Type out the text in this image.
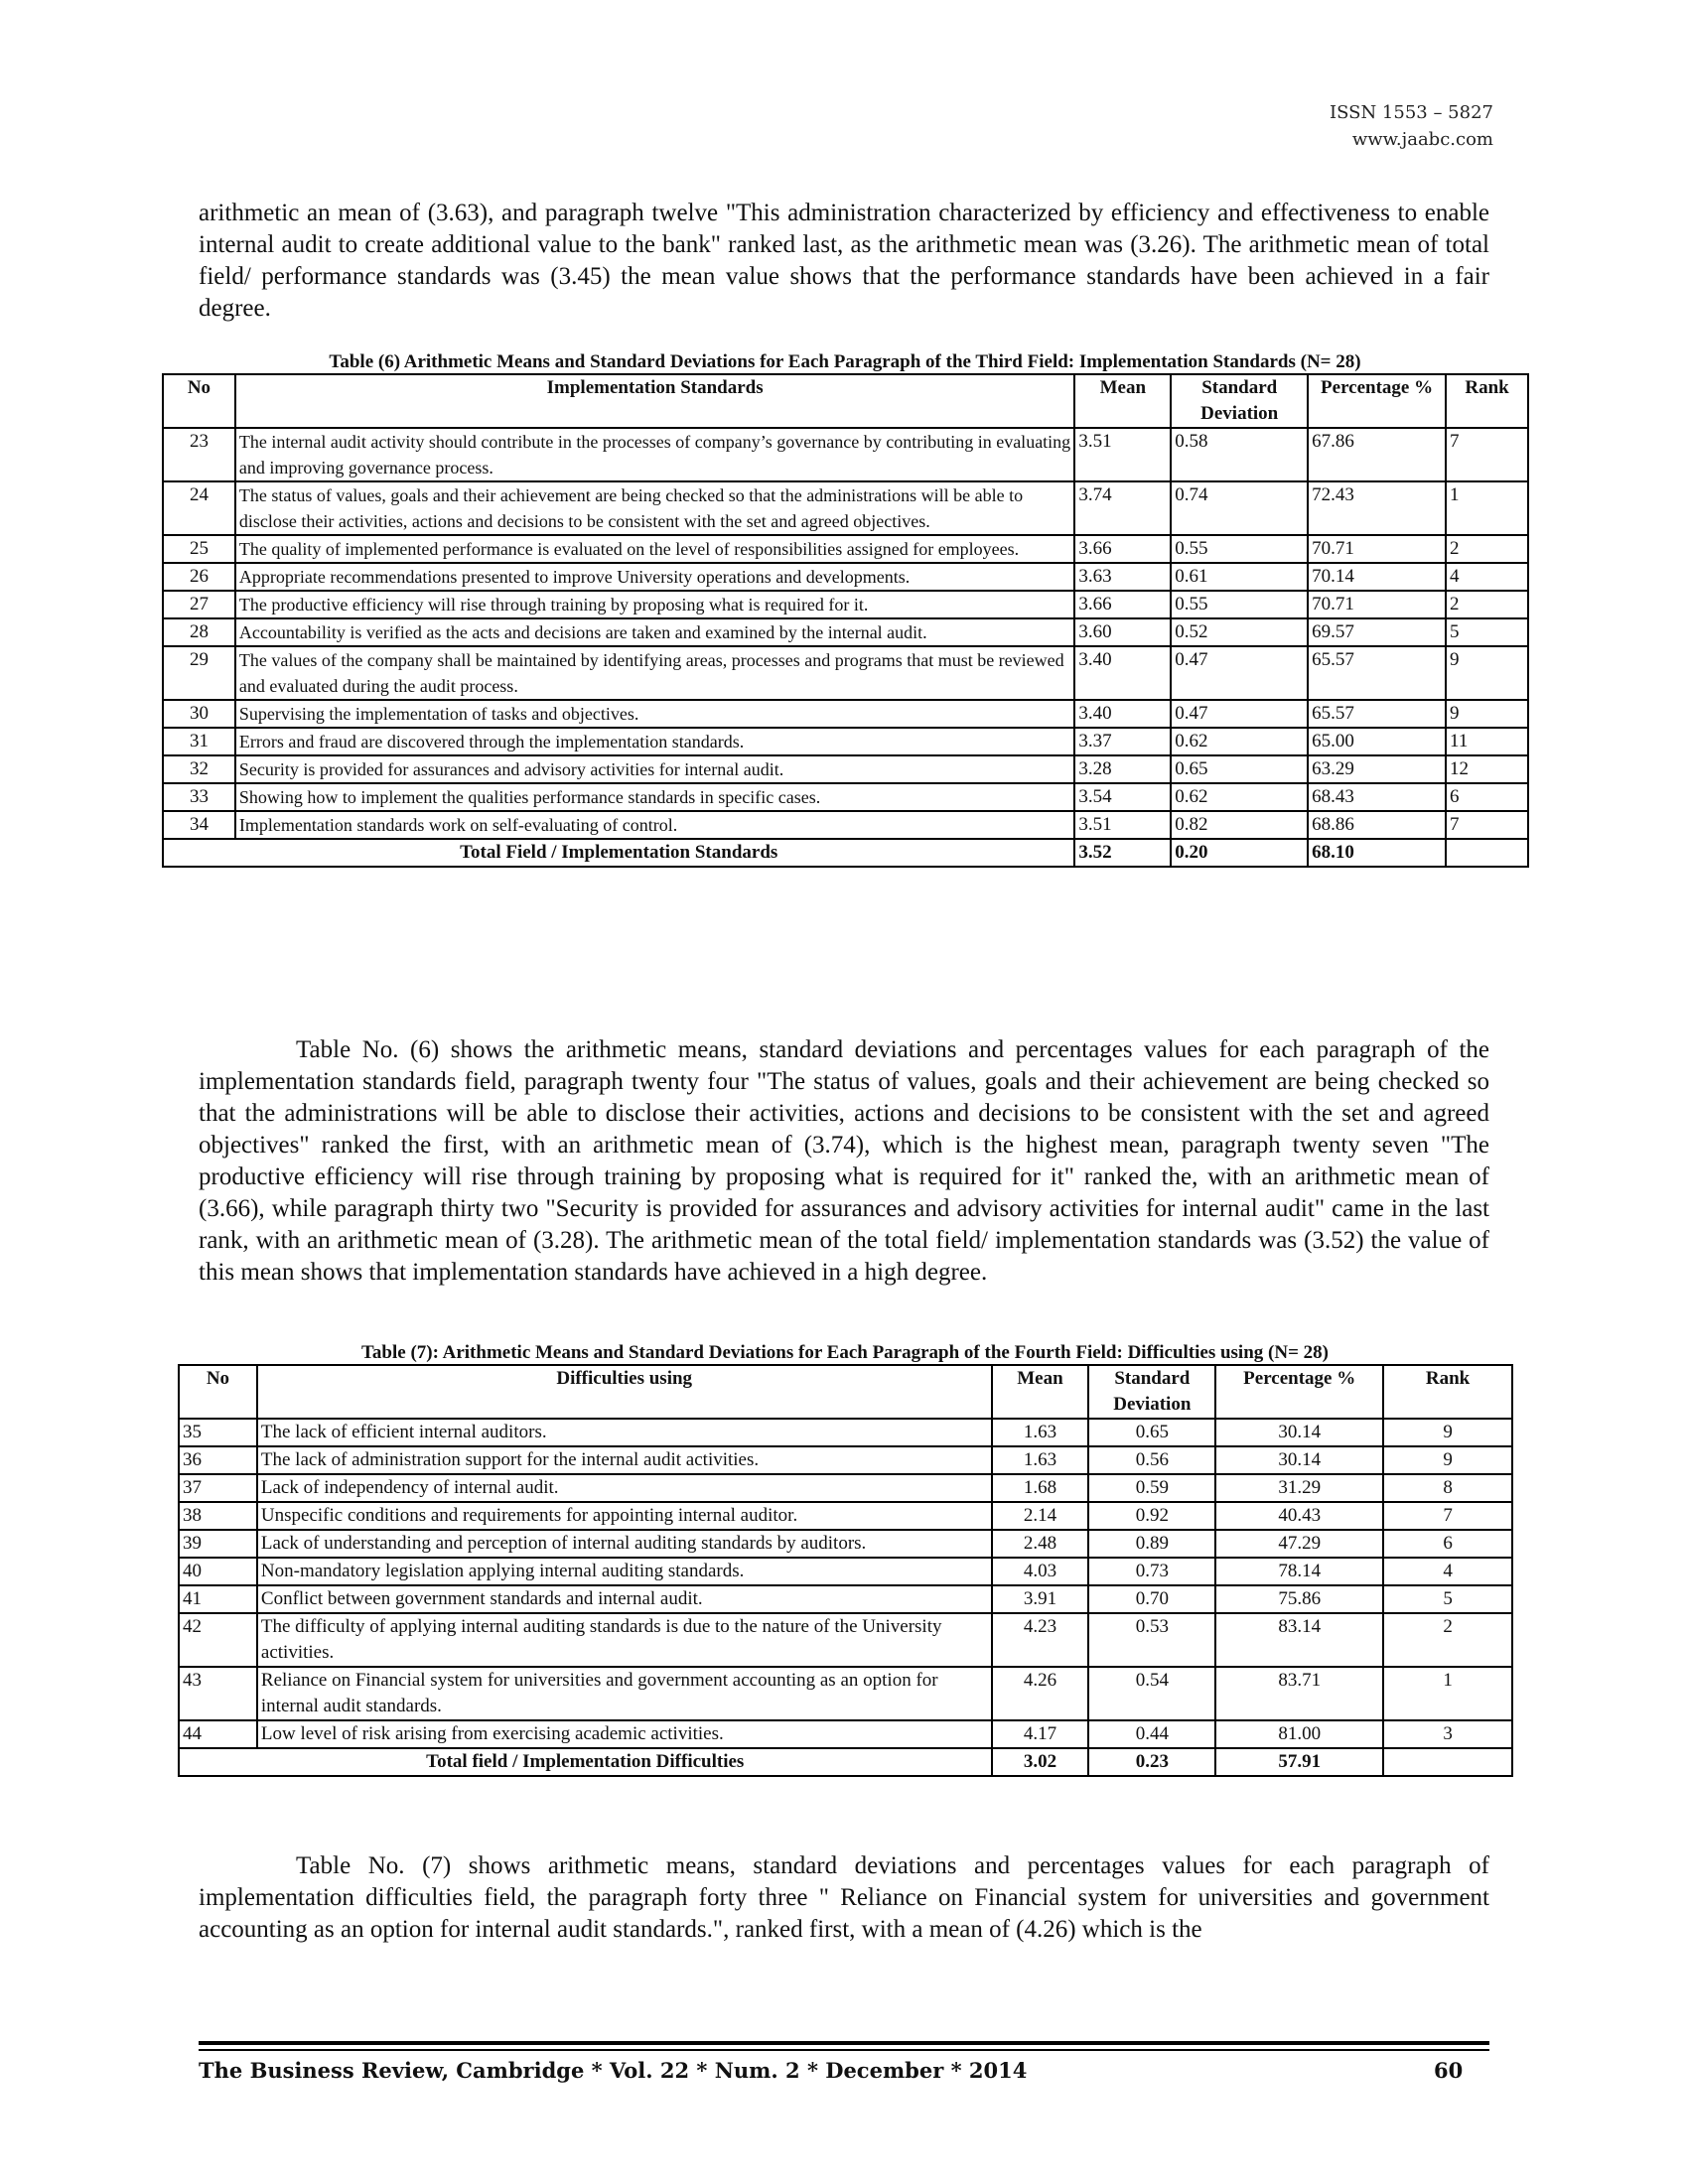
ISSN 1553 – 5827
www.jaabc.com

arithmetic an mean of (3.63), and paragraph twelve "This administration characterized by efficiency and effectiveness to enable internal audit to create additional value to the bank" ranked last, as the arithmetic mean was (3.26). The arithmetic mean of total field/ performance standards was (3.45) the mean value shows that the performance standards have been achieved in a fair degree.

Table (6) Arithmetic Means and Standard Deviations for Each Paragraph of the Third Field: Implementation Standards (N= 28)
No	Implementation Standards	Mean	Standard Deviation	Percentage %	Rank
23	The internal audit activity should contribute in the processes of company’s governance by contributing in evaluating and improving governance process.	3.51	0.58	67.86	7
24	The status of values, goals and their achievement are being checked so that the administrations will be able to disclose their activities, actions and decisions to be consistent with the set and agreed objectives.	3.74	0.74	72.43	1
25	The quality of implemented performance is evaluated on the level of responsibilities assigned for employees.	3.66	0.55	70.71	2
26	Appropriate recommendations presented to improve University operations and developments.	3.63	0.61	70.14	4
27	The productive efficiency will rise through training by proposing what is required for it.	3.66	0.55	70.71	2
28	Accountability is verified as the acts and decisions are taken and examined by the internal audit.	3.60	0.52	69.57	5
29	The values of the company shall be maintained by identifying areas, processes and programs that must be reviewed and evaluated during the audit process.	3.40	0.47	65.57	9
30	Supervising the implementation of tasks and objectives.	3.40	0.47	65.57	9
31	Errors and fraud are discovered through the implementation standards.	3.37	0.62	65.00	11
32	Security is provided for assurances and advisory activities for internal audit.	3.28	0.65	63.29	12
33	Showing how to implement the qualities performance standards in specific cases.	3.54	0.62	68.43	6
34	Implementation standards work on self-evaluating of control.	3.51	0.82	68.86	7
Total Field / Implementation Standards		3.52	0.20	68.10	

Table No. (6) shows the arithmetic means, standard deviations and percentages values for each paragraph of the implementation standards field, paragraph twenty four "The status of values, goals and their achievement are being checked so that the administrations will be able to disclose their activities, actions and decisions to be consistent with the set and agreed objectives" ranked the first, with an arithmetic mean of (3.74), which is the highest mean, paragraph twenty seven "The productive efficiency will rise through training by proposing what is required for it" ranked the, with an arithmetic mean of (3.66), while paragraph thirty two "Security is provided for assurances and advisory activities for internal audit" came in the last rank, with an arithmetic mean of (3.28). The arithmetic mean of the total field/ implementation standards was (3.52) the value of this mean shows that implementation standards have achieved in a high degree.

Table (7): Arithmetic Means and Standard Deviations for Each Paragraph of the Fourth Field: Difficulties using (N= 28)
No	Difficulties using	Mean	Standard Deviation	Percentage %	Rank
35	The lack of efficient internal auditors.	1.63	0.65	30.14	9
36	The lack of administration support for the internal audit activities.	1.63	0.56	30.14	9
37	Lack of independency of internal audit.	1.68	0.59	31.29	8
38	Unspecific conditions and requirements for appointing internal auditor.	2.14	0.92	40.43	7
39	Lack of understanding and perception of internal auditing standards by auditors.	2.48	0.89	47.29	6
40	Non-mandatory legislation applying internal auditing standards.	4.03	0.73	78.14	4
41	Conflict between government standards and internal audit.	3.91	0.70	75.86	5
42	The difficulty of applying internal auditing standards is due to the nature of the University activities.	4.23	0.53	83.14	2
43	Reliance on Financial system for universities and government accounting as an option for internal audit standards.	4.26	0.54	83.71	1
44	Low level of risk arising from exercising academic activities.	4.17	0.44	81.00	3
Total field / Implementation Difficulties		3.02	0.23	57.91	

Table No. (7) shows arithmetic means, standard deviations and percentages values for each paragraph of implementation difficulties field, the paragraph forty three " Reliance on Financial system for universities and government accounting as an option for internal audit standards.", ranked first, with a mean of (4.26) which is the

The Business Review, Cambridge * Vol. 22 * Num. 2 * December * 2014	60
